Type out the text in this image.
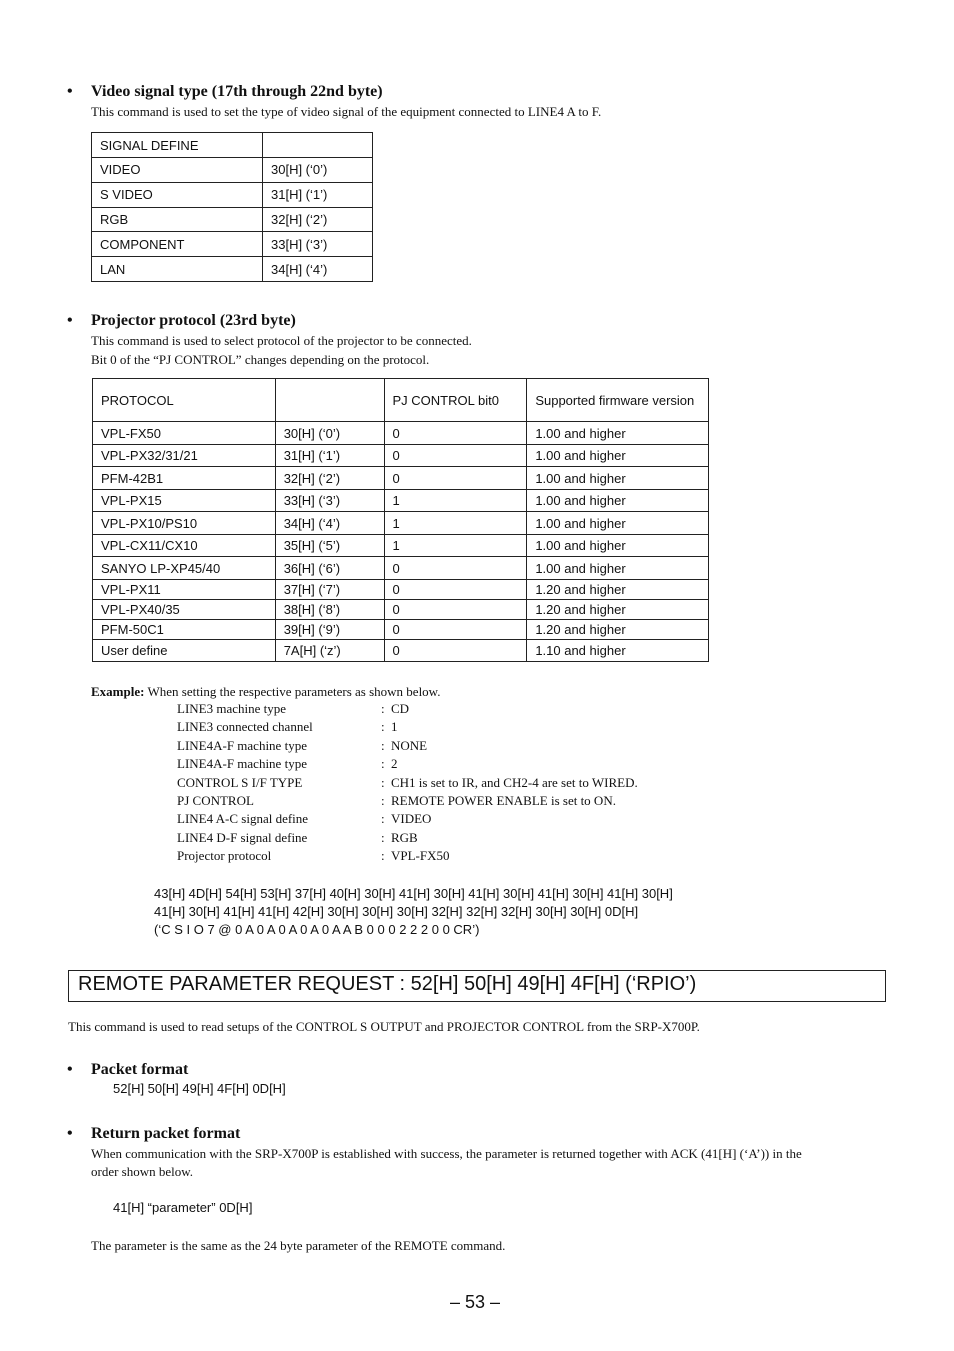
• Video signal type (17th through 22nd byte)
This command is used to set the type of video signal of the equipment connected to LINE4 A to F.
SIGNAL DEFINE	
VIDEO	30[H] (‘0’)
S VIDEO	31[H] (‘1’)
RGB	32[H] (‘2’)
COMPONENT	33[H] (‘3’)
LAN	34[H] (‘4’)
• Projector protocol (23rd byte)
This command is used to select protocol of the projector to be connected.
Bit 0 of the “PJ CONTROL” changes depending on the protocol.
PROTOCOL		PJ CONTROL bit0	Supported firmware version
VPL-FX50	30[H] (‘0’)	0	1.00 and higher
VPL-PX32/31/21	31[H] (‘1’)	0	1.00 and higher
PFM-42B1	32[H] (‘2’)	0	1.00 and higher
VPL-PX15	33[H] (‘3’)	1	1.00 and higher
VPL-PX10/PS10	34[H] (‘4’)	1	1.00 and higher
VPL-CX11/CX10	35[H] (‘5’)	1	1.00 and higher
SANYO LP-XP45/40	36[H] (‘6’)	0	1.00 and higher
VPL-PX11	37[H] (‘7’)	0	1.20 and higher
VPL-PX40/35	38[H] (‘8’)	0	1.20 and higher
PFM-50C1	39[H] (‘9’)	0	1.20 and higher
User define	7A[H] (‘z’)	0	1.10 and higher
Example: When setting the respective parameters as shown below.
LINE3 machine type	: CD
LINE3 connected channel	: 1
LINE4A-F machine type	: NONE
LINE4A-F machine type	: 2
CONTROL S I/F TYPE	: CH1 is set to IR, and CH2-4 are set to WIRED.
PJ CONTROL	: REMOTE POWER ENABLE is set to ON.
LINE4 A-C signal define	: VIDEO
LINE4 D-F signal define	: RGB
Projector protocol	: VPL-FX50
43[H] 4D[H] 54[H] 53[H] 37[H] 40[H] 30[H] 41[H] 30[H] 41[H] 30[H] 41[H] 30[H] 41[H] 30[H]
41[H] 30[H] 41[H] 41[H] 42[H] 30[H] 30[H] 30[H] 32[H] 32[H] 32[H] 30[H] 30[H] 0D[H]
(‘C S I O 7 @ 0 A 0 A 0 A 0 A 0 A A B 0 0 0 2 2 2 0 0 CR’)
REMOTE PARAMETER REQUEST : 52[H] 50[H] 49[H] 4F[H] (‘RPIO’)
This command is used to read setups of the CONTROL S OUTPUT and PROJECTOR CONTROL from the SRP-X700P.
• Packet format
52[H] 50[H] 49[H] 4F[H] 0D[H]
• Return packet format
When communication with the SRP-X700P is established with success, the parameter is returned together with ACK (41[H] (‘A’)) in the
order shown below.
41[H] “parameter” 0D[H]
The parameter is the same as the 24 byte parameter of the REMOTE command.
– 53 –
